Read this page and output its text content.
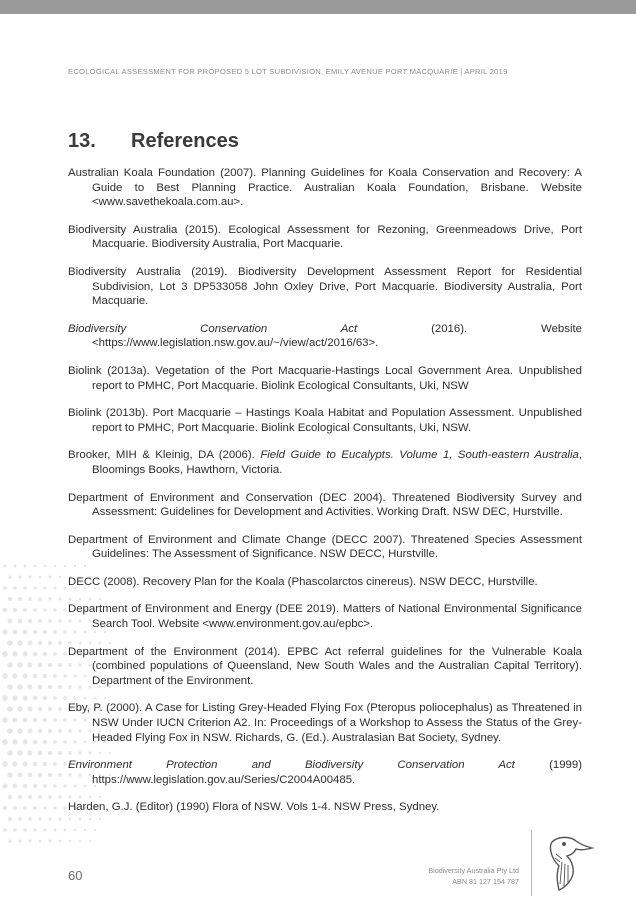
ECOLOGICAL ASSESSMENT FOR PROPOSED 5 LOT SUBDIVISION, EMILY AVENUE PORT MACQUARIE | APRIL 2019
13. References
Australian Koala Foundation (2007). Planning Guidelines for Koala Conservation and Recovery: A Guide to Best Planning Practice. Australian Koala Foundation, Brisbane. Website <www.savethekoala.com.au>.
Biodiversity Australia (2015). Ecological Assessment for Rezoning, Greenmeadows Drive, Port Macquarie. Biodiversity Australia, Port Macquarie.
Biodiversity Australia (2019). Biodiversity Development Assessment Report for Residential Subdivision, Lot 3 DP533058 John Oxley Drive, Port Macquarie. Biodiversity Australia, Port Macquarie.
Biodiversity Conservation Act (2016). Website <https://www.legislation.nsw.gov.au/~/view/act/2016/63>.
Biolink (2013a). Vegetation of the Port Macquarie-Hastings Local Government Area. Unpublished report to PMHC, Port Macquarie. Biolink Ecological Consultants, Uki, NSW
Biolink (2013b). Port Macquarie – Hastings Koala Habitat and Population Assessment. Unpublished report to PMHC, Port Macquarie. Biolink Ecological Consultants, Uki, NSW.
Brooker, MIH & Kleinig, DA (2006). Field Guide to Eucalypts. Volume 1, South-eastern Australia, Bloomings Books, Hawthorn, Victoria.
Department of Environment and Conservation (DEC 2004). Threatened Biodiversity Survey and Assessment: Guidelines for Development and Activities. Working Draft. NSW DEC, Hurstville.
Department of Environment and Climate Change (DECC 2007). Threatened Species Assessment Guidelines: The Assessment of Significance. NSW DECC, Hurstville.
DECC (2008). Recovery Plan for the Koala (Phascolarctos cinereus). NSW DECC, Hurstville.
Department of Environment and Energy (DEE 2019). Matters of National Environmental Significance Search Tool. Website <www.environment.gov.au/epbc>.
Department of the Environment (2014). EPBC Act referral guidelines for the Vulnerable Koala (combined populations of Queensland, New South Wales and the Australian Capital Territory). Department of the Environment.
Eby, P. (2000). A Case for Listing Grey-Headed Flying Fox (Pteropus poliocephalus) as Threatened in NSW Under IUCN Criterion A2. In: Proceedings of a Workshop to Assess the Status of the Grey-Headed Flying Fox in NSW. Richards, G. (Ed.). Australasian Bat Society, Sydney.
Environment Protection and Biodiversity Conservation Act (1999) https://www.legislation.gov.au/Series/C2004A00485.
Harden, G.J. (Editor) (1990) Flora of NSW. Vols 1-4. NSW Press, Sydney.
60	Biodiversity Australia Pty Ltd
ABN 81 127 154 787
